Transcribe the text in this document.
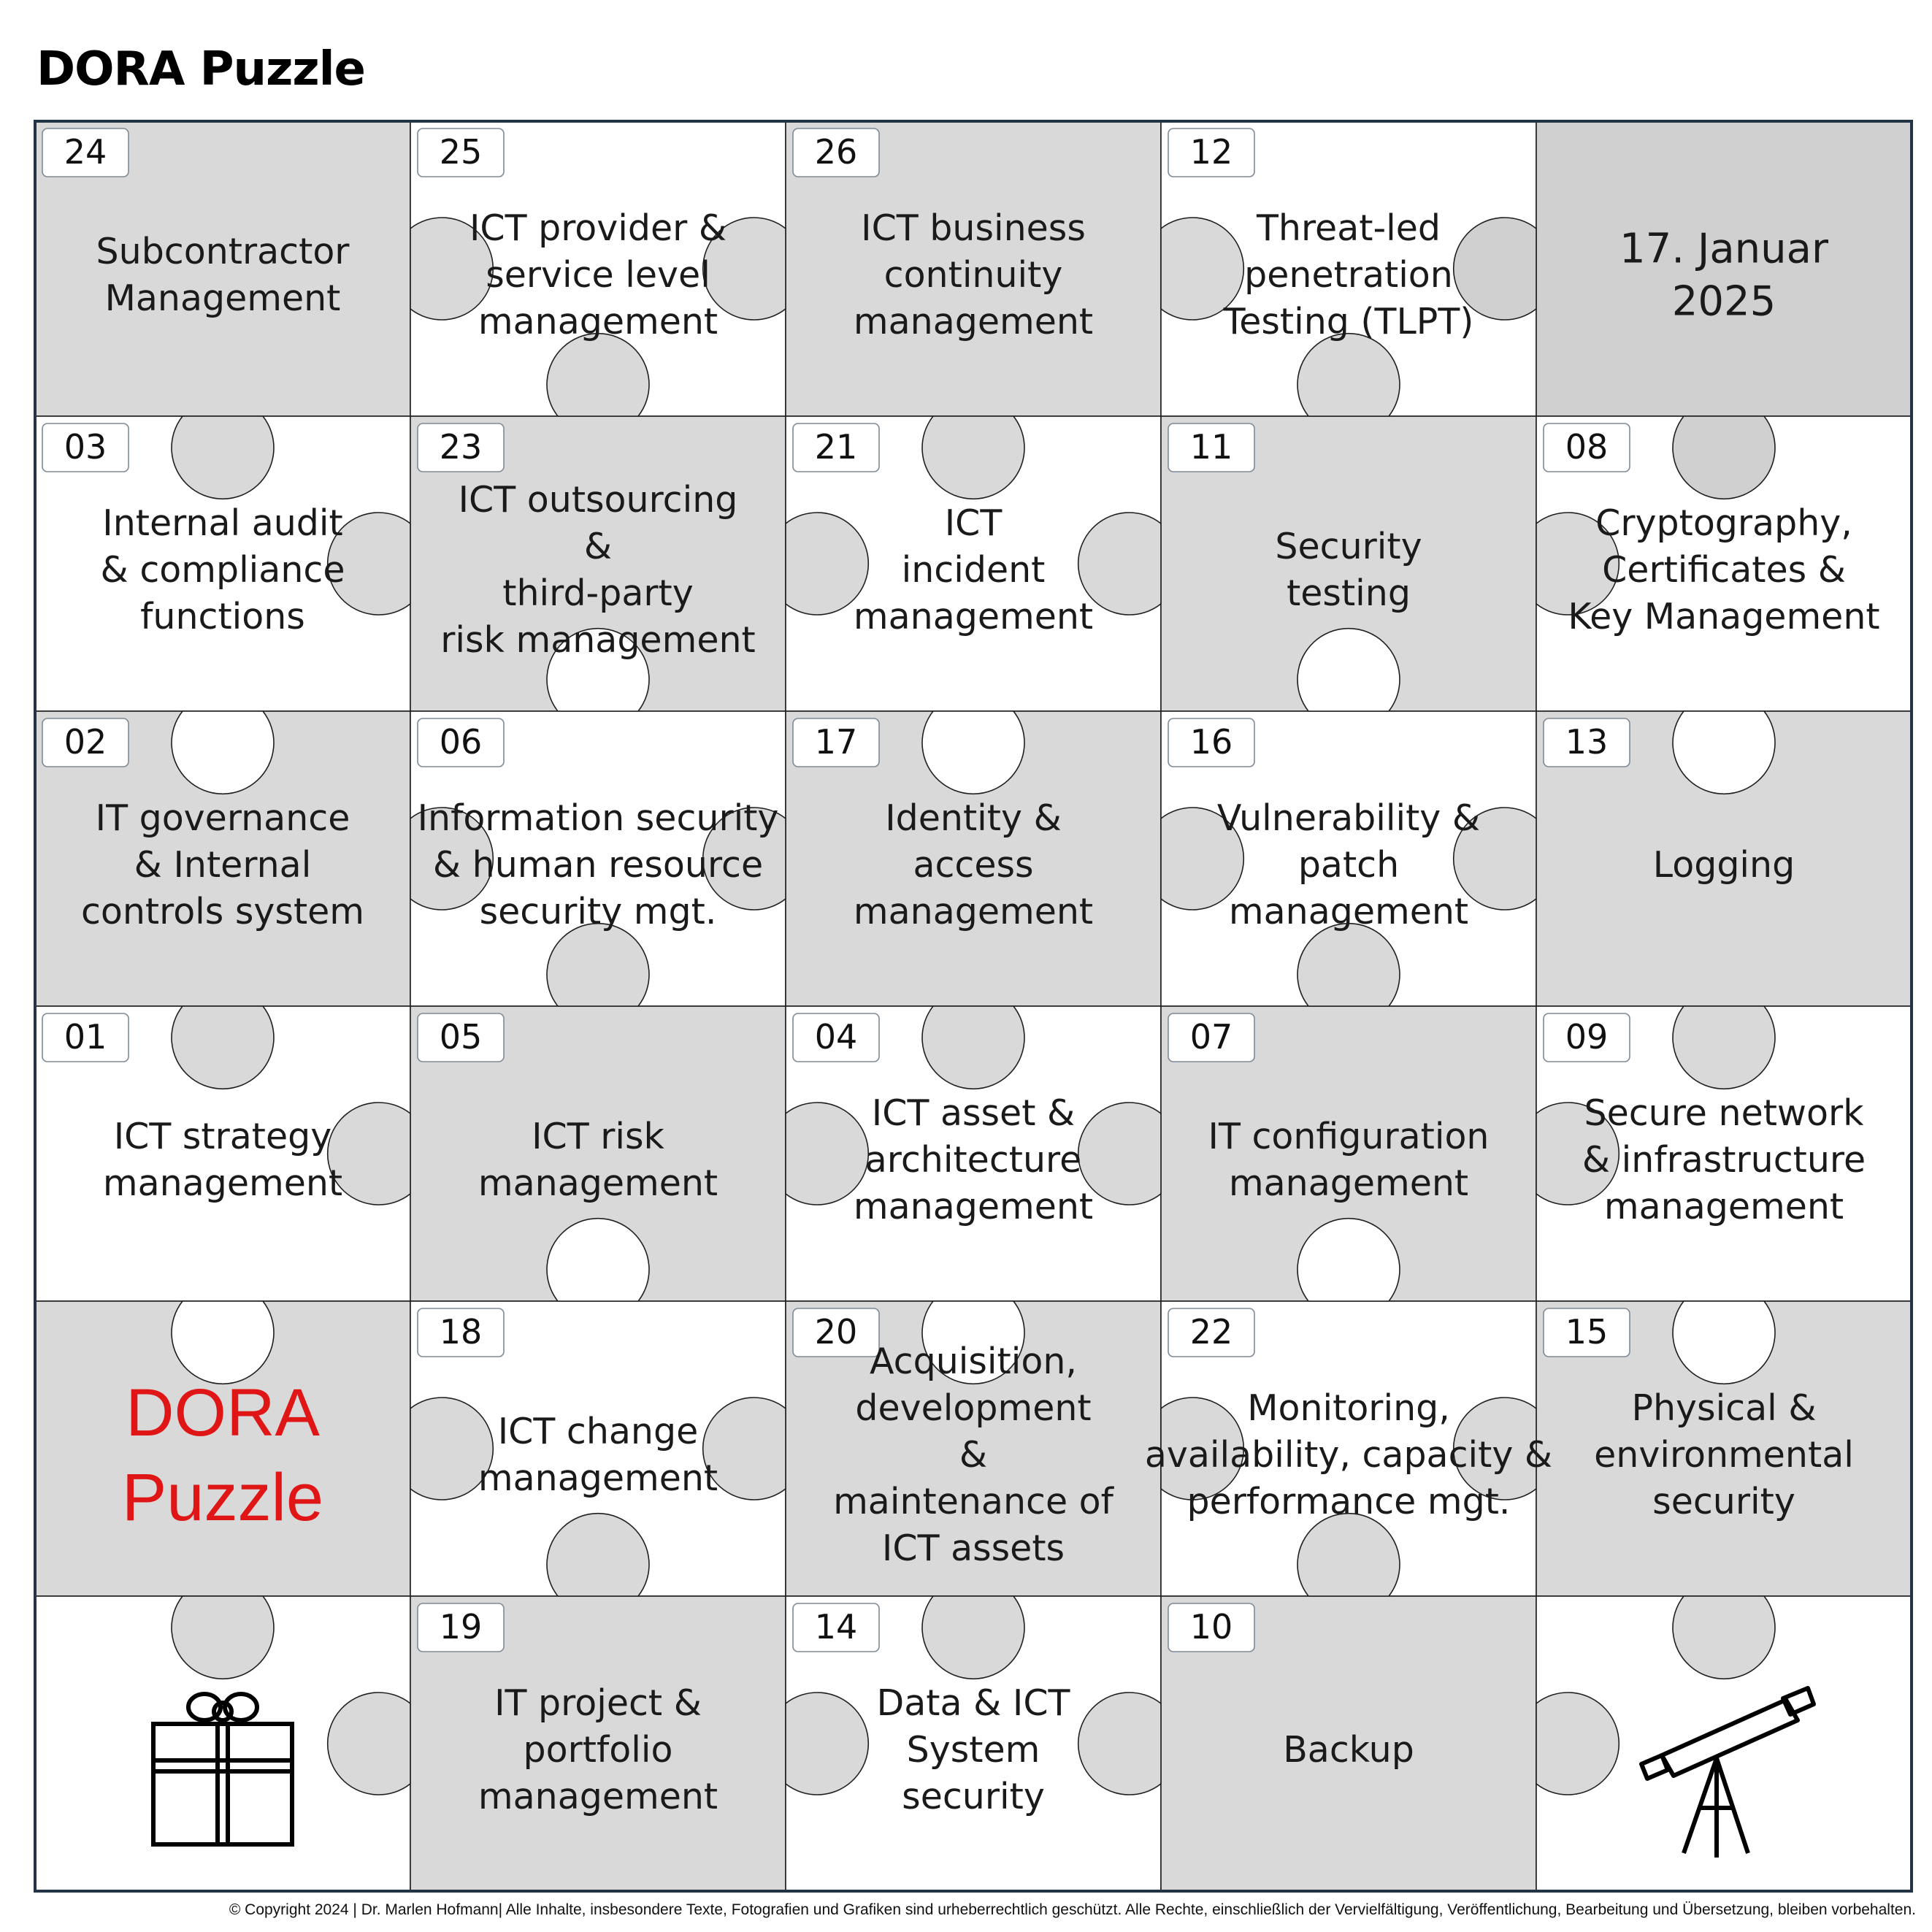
DORA Puzzle
24
Subcontractor
Management
25
ICT provider &
service level
management
26
ICT business
continuity
management
12
Threat-led
penetration
Testing (TLPT)
17. Januar
2025
03
Internal audit
& compliance
functions
23
ICT outsourcing
&
third-party
risk management
21
ICT
incident
management
11
Security
testing
08
Cryptography,
Certificates &
Key Management
02
IT governance
& Internal
controls system
06
Information security
& human resource
security mgt.
17
Identity &
access
management
16
Vulnerability &
patch
management
13
Logging
01
ICT strategy
management
05
ICT risk
management
04
ICT asset &
architecture
management
07
IT configuration
management
09
Secure network
& infrastructure
management
DORA
Puzzle
18
ICT change
management
20
Acquisition,
development
&
maintenance of
ICT assets
22
Monitoring,
availability, capacity &
performance mgt.
15
Physical &
environmental
security
19
IT project &
portfolio
management
14
Data & ICT
System
security
10
Backup
© Copyright 2024 | Dr. Marlen Hofmann| Alle Inhalte, insbesondere Texte, Fotografien und Grafiken sind urheberrechtlich geschützt. Alle Rechte, einschließlich der Vervielfältigung, Veröffentlichung, Bearbeitung und Übersetzung, bleiben vorbehalten.
